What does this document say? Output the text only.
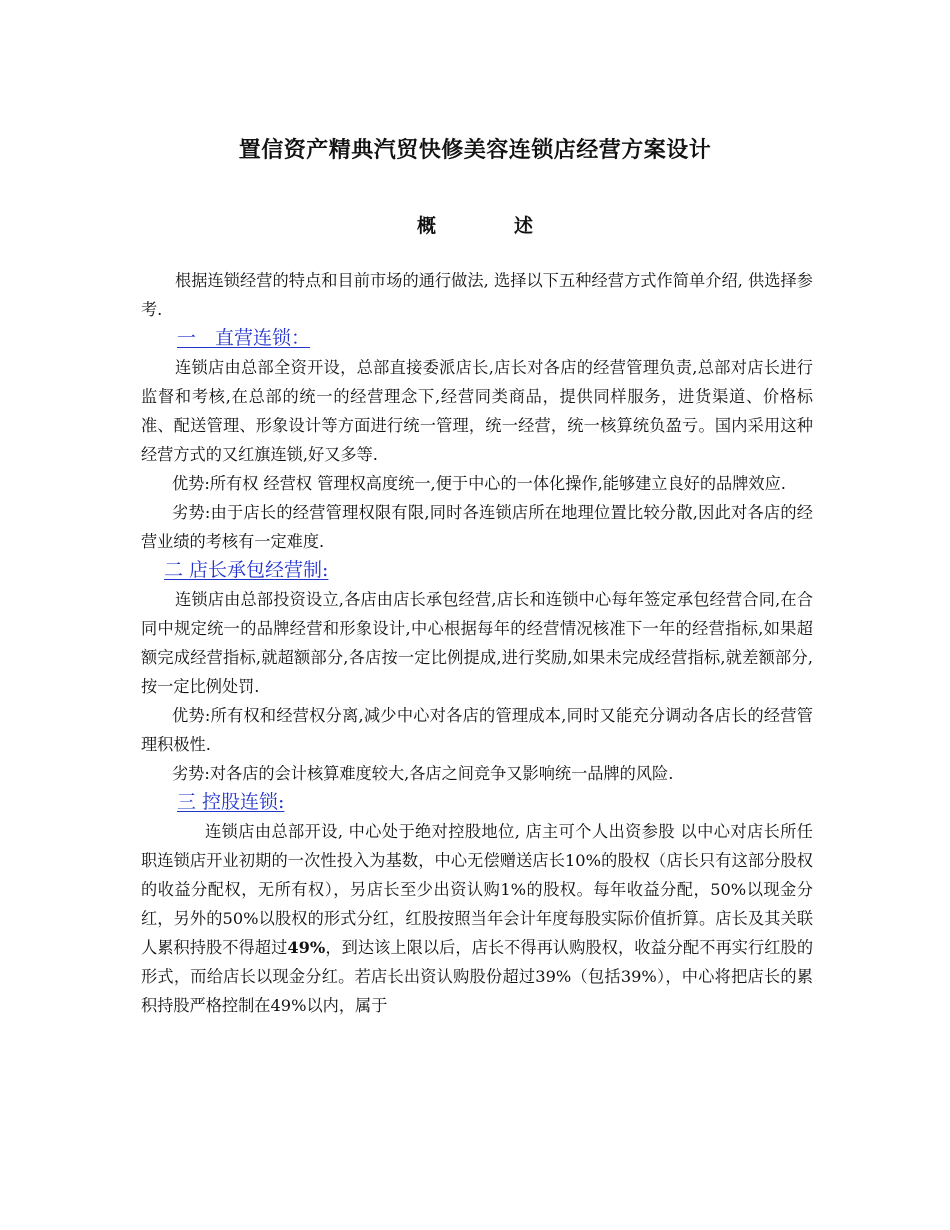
置信资产精典汽贸快修美容连锁店经营方案设计
概	述

根据连锁经营的特点和目前市场的通行做法, 选择以下五种经营方式作简单介绍, 供选择参考.

一　直营连锁：

连锁店由总部全资开设，总部直接委派店长,店长对各店的经营管理负责,总部对店长进行监督和考核,在总部的统一的经营理念下,经营同类商品，提供同样服务，进货渠道、价格标准、配送管理、形象设计等方面进行统一管理，统一经营，统一核算统负盈亏。国内采用这种经营方式的又红旗连锁,好又多等.

优势:所有权 经营权 管理权高度统一,便于中心的一体化操作,能够建立良好的品牌效应.

劣势:由于店长的经营管理权限有限,同时各连锁店所在地理位置比较分散,因此对各店的经营业绩的考核有一定难度.

二 店长承包经营制:

连锁店由总部投资设立,各店由店长承包经营,店长和连锁中心每年签定承包经营合同,在合同中规定统一的品牌经营和形象设计,中心根据每年的经营情况核准下一年的经营指标,如果超额完成经营指标,就超额部分,各店按一定比例提成,进行奖励,如果未完成经营指标,就差额部分,按一定比例处罚.

优势:所有权和经营权分离,减少中心对各店的管理成本,同时又能充分调动各店长的经营管理积极性.

劣势:对各店的会计核算难度较大,各店之间竞争又影响统一品牌的风险.

三 控股连锁:

连锁店由总部开设, 中心处于绝对控股地位, 店主可个人出资参股 以中心对店长所任职连锁店开业初期的一次性投入为基数，中心无偿赠送店长10%的股权（店长只有这部分股权的收益分配权，无所有权），另店长至少出资认购1%的股权。每年收益分配，50%以现金分红，另外的50%以股权的形式分红，红股按照当年会计年度每股实际价值折算。店长及其关联人累积持股不得超过49%，到达该上限以后，店长不得再认购股权，收益分配不再实行红股的形式，而给店长以现金分红。若店长出资认购股份超过39%（包括39%），中心将把店长的累积持股严格控制在49%以内，属于
